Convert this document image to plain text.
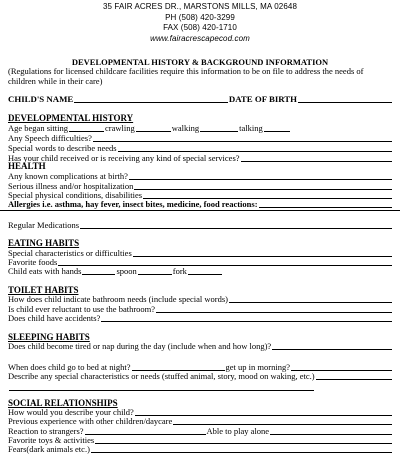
35 FAIR ACRES DR., MARSTONS MILLS, MA 02648
PH (508) 420-3299
FAX (508) 420-1710
www.fairacrescapecod.com
DEVELOPMENTAL HISTORY & BACKGROUND INFORMATION
(Regulations for licensed childcare facilities require this information to be on file to address the needs of children while in their care)
CHILD'S NAME	DATE OF BIRTH
DEVELOPMENTAL HISTORY
Age began sitting	crawling	walking	talking
Any Speech difficulties?
Special words to describe needs
Has your child received or is receiving any kind of special services?
HEALTH
Any known complications at birth?
Serious illness and/or hospitalization
Special physical conditions, disabilities
Allergies i.e. asthma, hay fever, insect bites, medicine, food reactions:
Regular Medications
EATING HABITS
Special characteristics or difficulties
Favorite foods
Child eats with hands	spoon	fork
TOILET HABITS
How does child indicate bathroom needs (include special words)
Is child ever reluctant to use the bathroom?
Does child have accidents?
SLEEPING HABITS
Does child become tired or nap during the day (include when and how long)?
When does child go to bed at night?	get up in morning?
Describe any special characteristics or needs (stuffed animal, story, mood on waking, etc.)
SOCIAL RELATIONSHIPS
How would you describe your child?
Previous experience with other children/daycare
Reaction to strangers?	Able to play alone
Favorite toys & activities
Fears(dark animals etc.)
